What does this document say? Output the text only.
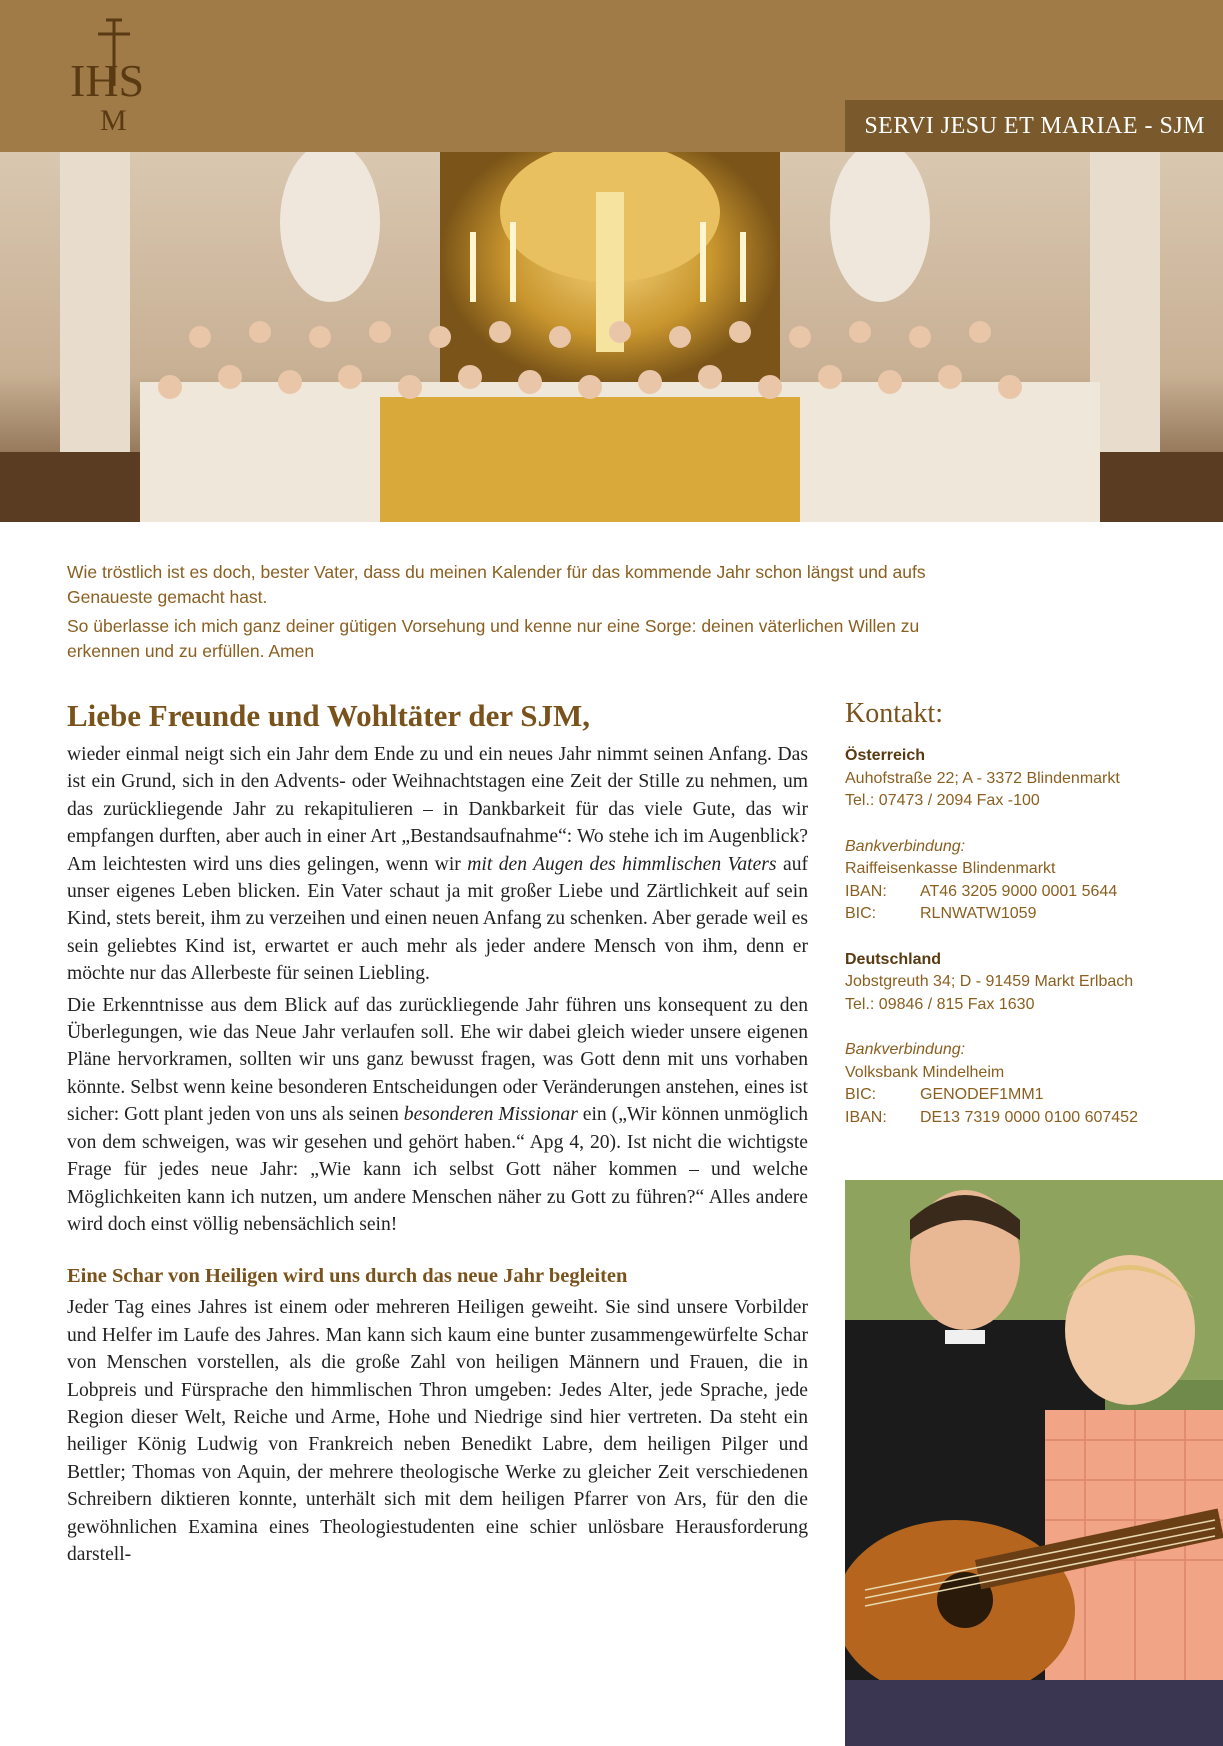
IHS
M	SERVI JESU ET MARIAE - SJM

Wie tröstlich ist es doch, bester Vater, dass du meinen Kalender für das kommende Jahr schon längst und aufs Genaueste gemacht hast.

So überlasse ich mich ganz deiner gütigen Vorsehung und kenne nur eine Sorge: deinen väterlichen Willen zu erkennen und zu erfüllen. Amen

Liebe Freunde und Wohltäter der SJM,

wieder einmal neigt sich ein Jahr dem Ende zu und ein neues Jahr nimmt seinen Anfang. Das ist ein Grund, sich in den Advents- oder Weihnachtstagen eine Zeit der Stille zu nehmen, um das zurückliegende Jahr zu rekapitulieren – in Dankbarkeit für das viele Gute, das wir empfangen durften, aber auch in einer Art „Bestandsaufnahme“: Wo stehe ich im Augenblick? Am leichtesten wird uns dies gelingen, wenn wir mit den Augen des himmlischen Vaters auf unser eigenes Leben blicken. Ein Vater schaut ja mit großer Liebe und Zärtlichkeit auf sein Kind, stets bereit, ihm zu verzeihen und einen neuen Anfang zu schenken. Aber gerade weil es sein geliebtes Kind ist, erwartet er auch mehr als jeder andere Mensch von ihm, denn er möchte nur das Allerbeste für seinen Liebling.

Die Erkenntnisse aus dem Blick auf das zurückliegende Jahr führen uns konsequent zu den Überlegungen, wie das Neue Jahr verlaufen soll. Ehe wir dabei gleich wieder unsere eigenen Pläne hervorkramen, sollten wir uns ganz bewusst fragen, was Gott denn mit uns vorhaben könnte. Selbst wenn keine besonderen Entscheidungen oder Veränderungen anstehen, eines ist sicher: Gott plant jeden von uns als seinen besonderen Missionar ein („Wir können unmöglich von dem schweigen, was wir gesehen und gehört haben.“ Apg 4, 20). Ist nicht die wichtigste Frage für jedes neue Jahr: „Wie kann ich selbst Gott näher kommen – und welche Möglichkeiten kann ich nutzen, um andere Menschen näher zu Gott zu führen?“ Alles andere wird doch einst völlig nebensächlich sein!

Eine Schar von Heiligen wird uns durch das neue Jahr begleiten

Jeder Tag eines Jahres ist einem oder mehreren Heiligen geweiht. Sie sind unsere Vorbilder und Helfer im Laufe des Jahres. Man kann sich kaum eine bunter zusammengewürfelte Schar von Menschen vorstellen, als die große Zahl von heiligen Männern und Frauen, die in Lobpreis und Fürsprache den himmlischen Thron umgeben: Jedes Alter, jede Sprache, jede Region dieser Welt, Reiche und Arme, Hohe und Niedrige sind hier vertreten. Da steht ein heiliger König Ludwig von Frankreich neben Benedikt Labre, dem heiligen Pilger und Bettler; Thomas von Aquin, der mehrere theologische Werke zu gleicher Zeit verschiedenen Schreibern diktieren konnte, unterhält sich mit dem heiligen Pfarrer von Ars, für den die gewöhnlichen Examina eines Theologiestudenten eine schier unlösbare Herausforderung darstell-

Kontakt:
Österreich
Auhofstraße 22; A - 3372 Blindenmarkt
Tel.: 07473 / 2094 Fax -100
Bankverbindung:
Raiffeisenkasse Blindenmarkt
IBAN:	AT46 3205 9000 0001 5644
BIC:	RLNWATW1059
Deutschland
Jobstgreuth 34; D - 91459 Markt Erlbach
Tel.: 09846 / 815 Fax 1630
Bankverbindung:
Volksbank Mindelheim
BIC:	GENODEF1MM1
IBAN:	DE13 7319 0000 0100 607452
